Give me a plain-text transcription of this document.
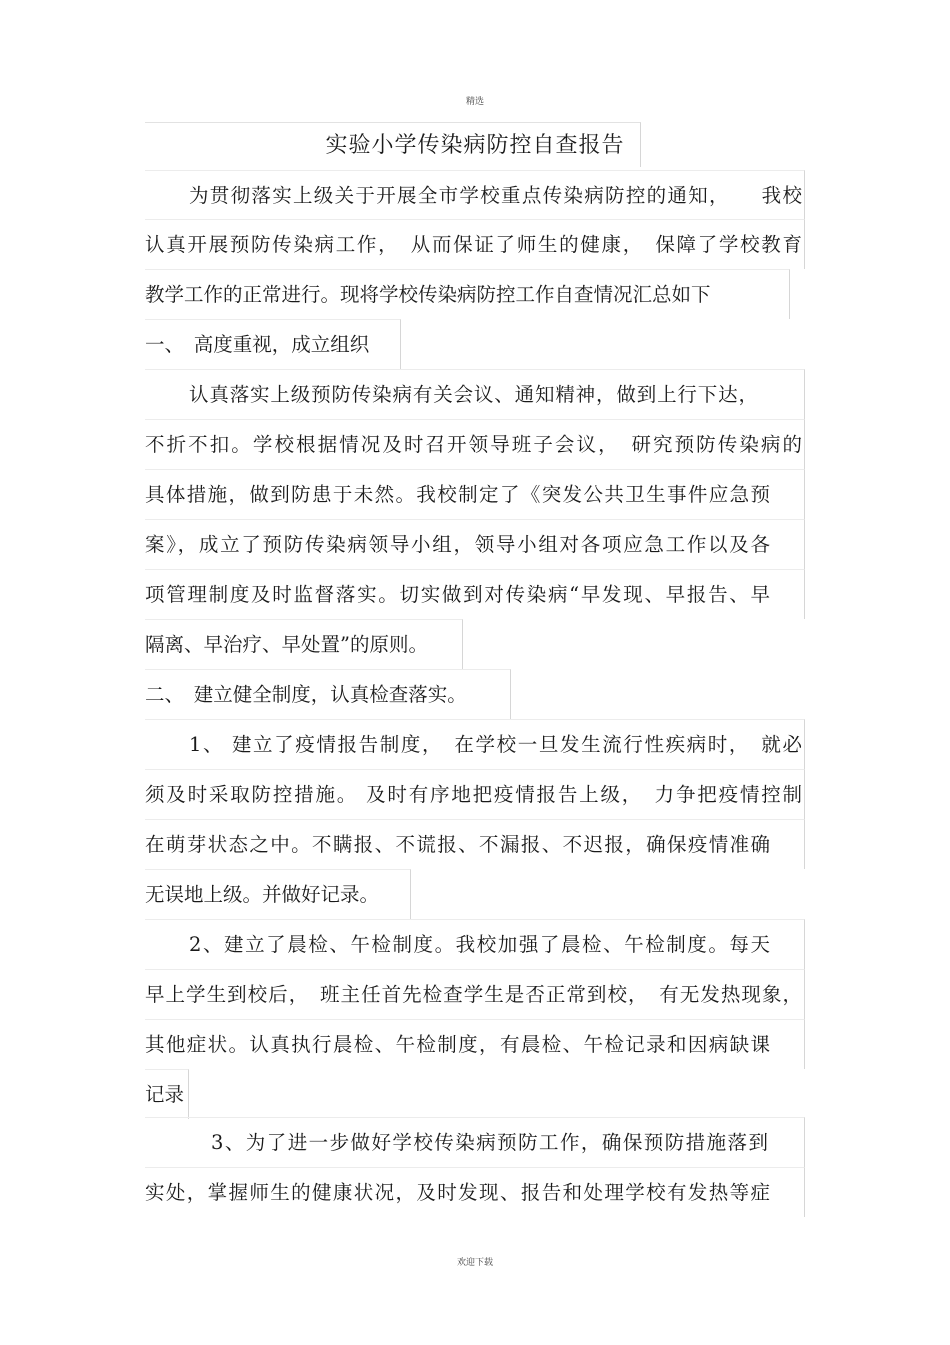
精选
实验小学传染病防控自查报告
为贯彻落实上级关于开展全市学校重点传染病防控的通知，　　我校
认真开展预防传染病工作，　从而保证了师生的健康，　保障了学校教育
教学工作的正常进行。现将学校传染病防控工作自查情况汇总如下
一、　高度重视，成立组织
认真落实上级预防传染病有关会议、通知精神，做到上行下达，
不折不扣。学校根据情况及时召开领导班子会议，　研究预防传染病的
具体措施，做到防患于未然。我校制定了《突发公共卫生事件应急预
案》，成立了预防传染病领导小组，领导小组对各项应急工作以及各
项管理制度及时监督落实。切实做到对传染病“早发现、早报告、早
隔离、早治疗、早处置”的原则。
二、　建立健全制度，认真检查落实。
1、 建立了疫情报告制度，　在学校一旦发生流行性疾病时，　就必
须及时采取防控措施。 及时有序地把疫情报告上级，　力争把疫情控制
在萌芽状态之中。不瞒报、不谎报、不漏报、不迟报，确保疫情准确
无误地上级。并做好记录。
2、建立了晨检、午检制度。我校加强了晨检、午检制度。每天
早上学生到校后，　班主任首先检查学生是否正常到校，　有无发热现象，
其他症状。认真执行晨检、午检制度，有晨检、午检记录和因病缺课
记录
3、为了进一步做好学校传染病预防工作，确保预防措施落到
实处，掌握师生的健康状况，及时发现、报告和处理学校有发热等症
欢迎下载
